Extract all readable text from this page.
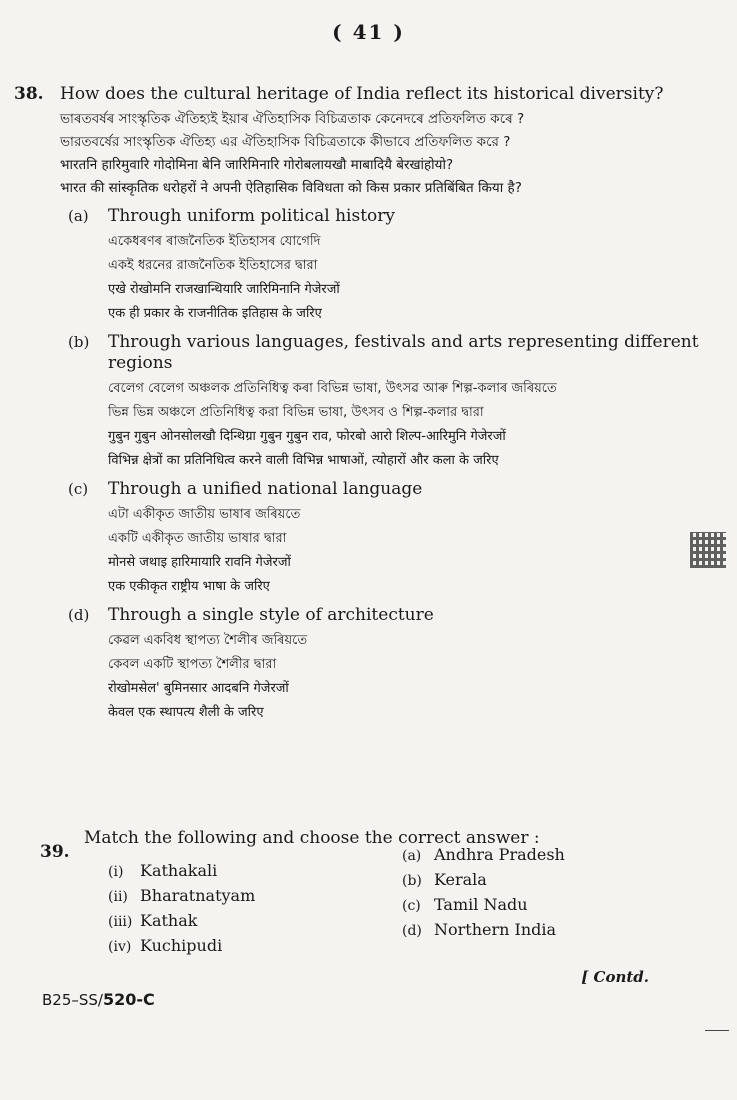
( 41 )
38. How does the cultural heritage of India reflect its historical diversity?

ভাৰতবৰ্ষৰ সাংস্কৃতিক ঐতিহ্যই ইয়াৰ ঐতিহাসিক বিচিত্ৰতাক কেনেদৰে প্ৰতিফলিত কৰে ?

ভারতবর্ষের সাংস্কৃতিক ঐতিহ্য এর ঐতিহাসিক বিচিত্রতাকে কীভাবে প্রতিফলিত করে ?

भारतनि हारिमुवारि गोदोमिना बेनि जारिमिनारि गोरोबलायखौ माबादियै बेरखांहोयो?

भारत की सांस्कृतिक धरोहरों ने अपनी ऐतिहासिक विविधता को किस प्रकार प्रतिबिंबित किया है?

(a) Through uniform political history

একেধৰণৰ ৰাজনৈতিক ইতিহাসৰ যোগেদি

একই ধরনের রাজনৈতিক ইতিহাসের দ্বারা

एखे रोखोमनि राजखान्थियारि जारिमिनानि गेजेरजों

एक ही प्रकार के राजनीतिक इतिहास के जरिए

(b) Through various languages, festivals and arts representing different regions

বেলেগ বেলেগ অঞ্চলক প্ৰতিনিধিত্ব কৰা বিভিন্ন ভাষা, উৎসৱ আৰু শিল্প-কলাৰ জৰিয়তে

ভিন্ন ভিন্ন অঞ্চলে প্রতিনিধিত্ব করা বিভিন্ন ভাষা, উৎসব ও শিল্প-কলার দ্বারা

गुबुन गुबुन ओनसोलखौ दिन्थिग्रा गुबुन गुबुन राव, फोरबो आरो शिल्प-आरिमुनि गेजेरजों

विभिन्न क्षेत्रों का प्रतिनिधित्व करने वाली विभिन्न भाषाओं, त्योहारों और कला के जरिए

(c) Through a unified national language

এটা একীকৃত জাতীয় ভাষাৰ জৰিয়তে

একটি একীকৃত জাতীয় ভাষার দ্বারা

मोनसे जथाइ हारिमायारि रावनि गेजेरजों

एक एकीकृत राष्ट्रीय भाषा के जरिए

(d) Through a single style of architecture

কেৱল একবিধ স্থাপত্য শৈলীৰ জৰিয়তে

কেবল একটি স্থাপত্য শৈলীর দ্বারা

रोखोमसेल' बुमिनसार आदबनि गेजेरजों

केवल एक स्थापत्य शैली के जरिए

39.
Match the following and choose the correct answer :
(i) Kathakali
(ii) Bharatnatyam
(iii) Kathak
(iv) Kuchipudi
(a) Andhra Pradesh
(b) Kerala
(c) Tamil Nadu
(d) Northern India
[ Contd.
B25–SS/520-C
